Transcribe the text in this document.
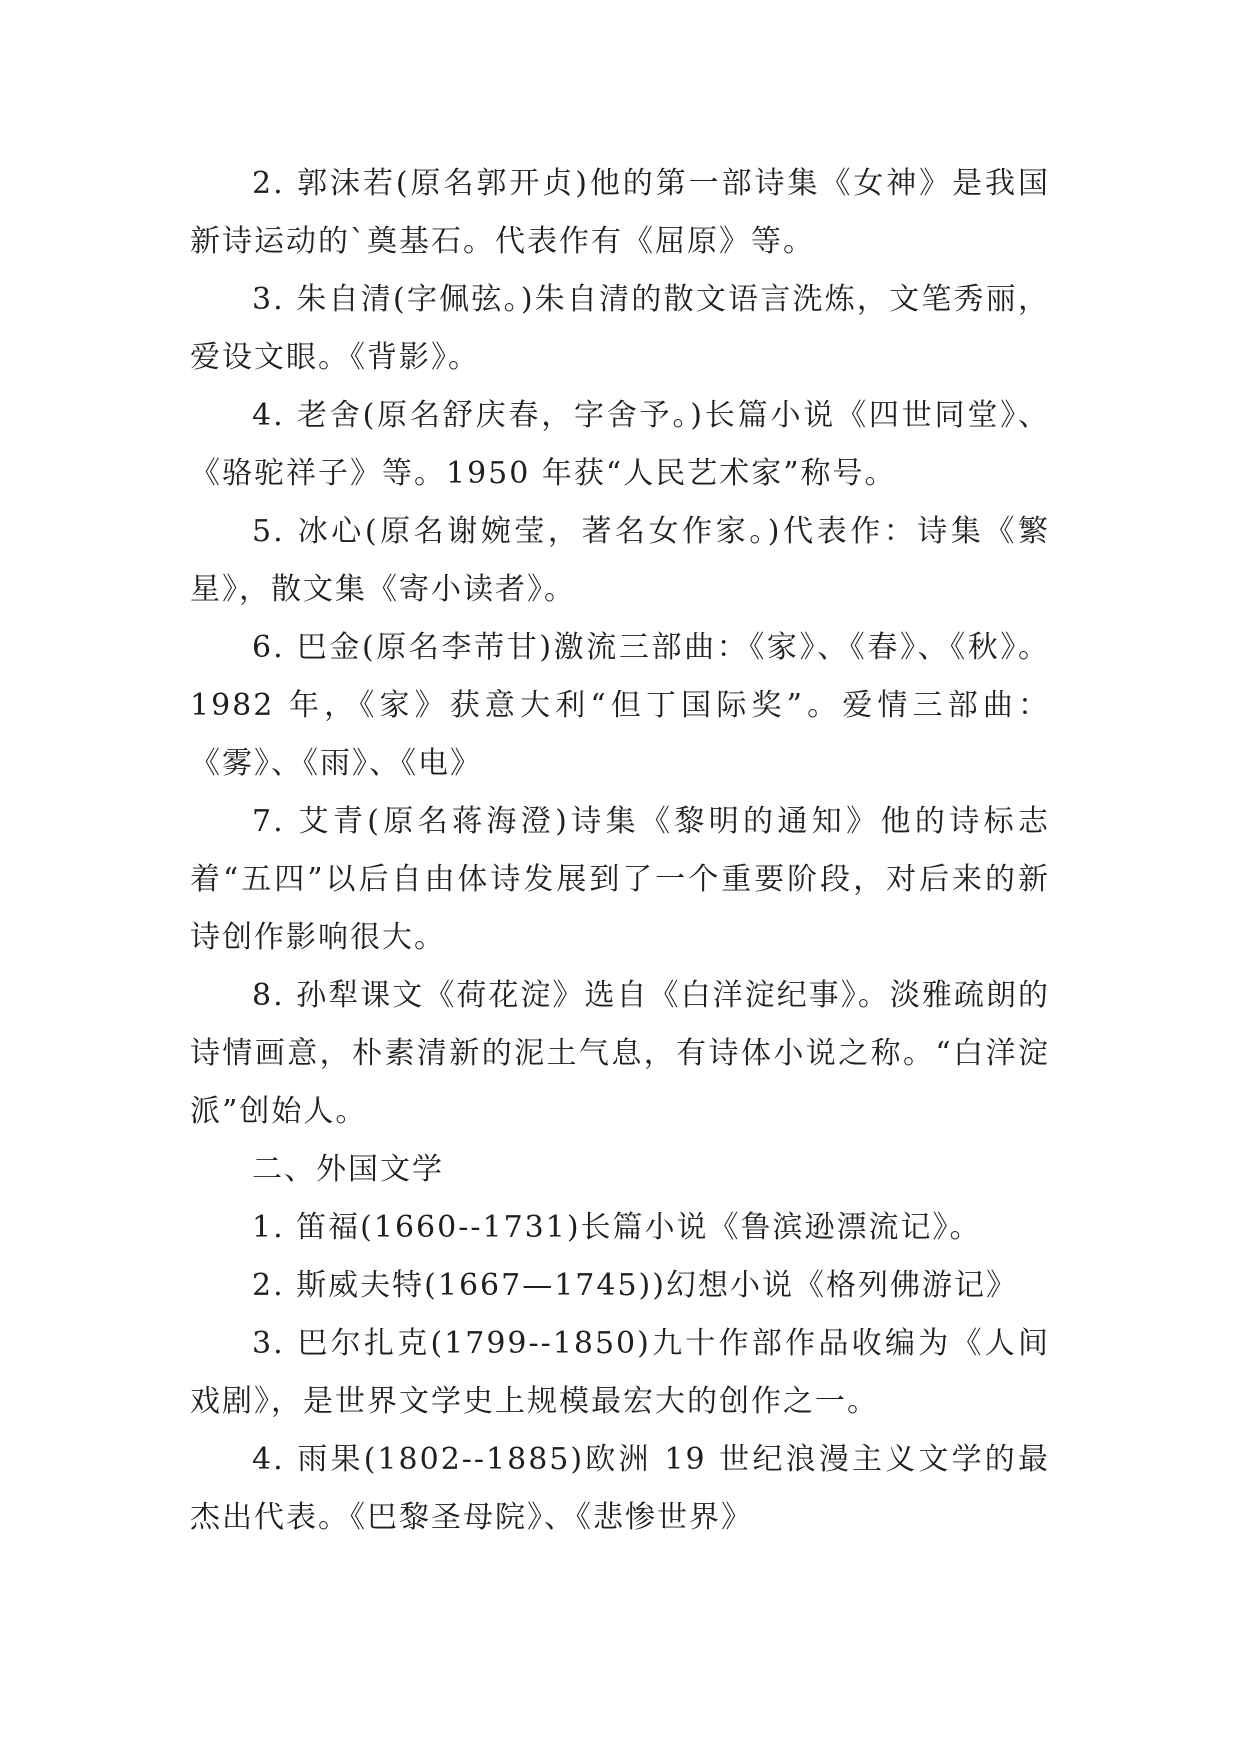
2. 郭沫若(原名郭开贞)他的第一部诗集《女神》是我国新诗运动的`奠基石。代表作有《屈原》等。

3. 朱自清(字佩弦。)朱自清的散文语言洗炼，文笔秀丽，爱设文眼。《背影》。

4. 老舍(原名舒庆春，字舍予。)长篇小说《四世同堂》、《骆驼祥子》等。1950 年获“人民艺术家”称号。

5. 冰心(原名谢婉莹，著名女作家。)代表作：诗集《繁星》，散文集《寄小读者》。

6. 巴金(原名李芾甘)激流三部曲：《家》、《春》、《秋》。1982 年，《家》获意大利“但丁国际奖”。爱情三部曲：《雾》、《雨》、《电》

7. 艾青(原名蒋海澄)诗集《黎明的通知》他的诗标志着“五四”以后自由体诗发展到了一个重要阶段，对后来的新诗创作影响很大。

8. 孙犁课文《荷花淀》选自《白洋淀纪事》。淡雅疏朗的诗情画意，朴素清新的泥土气息，有诗体小说之称。“白洋淀派”创始人。

二、外国文学

1. 笛福(1660--1731)长篇小说《鲁滨逊漂流记》。

2. 斯威夫特(1667—1745))幻想小说《格列佛游记》

3. 巴尔扎克(1799--1850)九十作部作品收编为《人间戏剧》，是世界文学史上规模最宏大的创作之一。

4. 雨果(1802--1885)欧洲 19 世纪浪漫主义文学的最杰出代表。《巴黎圣母院》、《悲惨世界》
